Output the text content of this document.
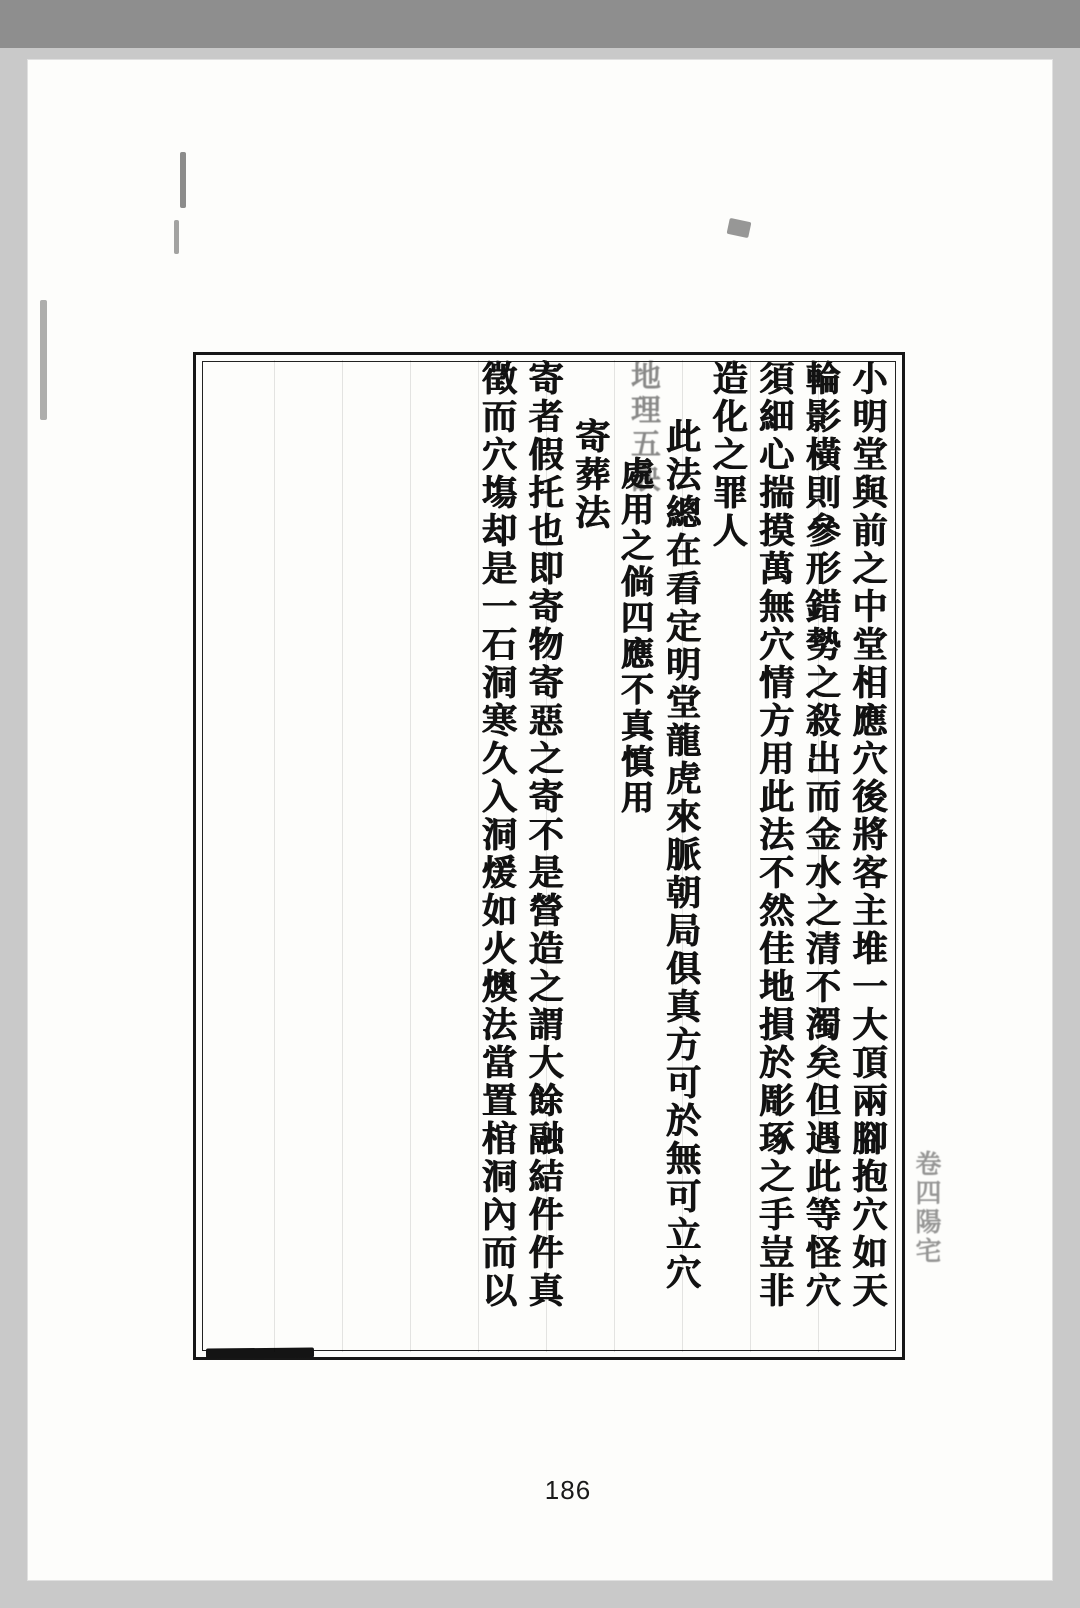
地理五訣
卷四陽宅
小明堂與前之中堂相應穴後將客主堆一大頂兩腳抱穴如天
輪影橫則參形錯勢之殺出而金水之清不濁矣但遇此等怪穴
須細心揣摸萬無穴情方用此法不然佳地損於彫琢之手豈非
造化之罪人
此法總在看定明堂龍虎來脈朝局俱真方可於無可立穴
處用之倘四應不真慎用
寄葬法
寄者假托也即寄物寄惡之寄不是營造之謂大餘融結件件真
徵而穴塲却是一石洞寒久入洞煖如火燠法當置棺洞內而以
186
